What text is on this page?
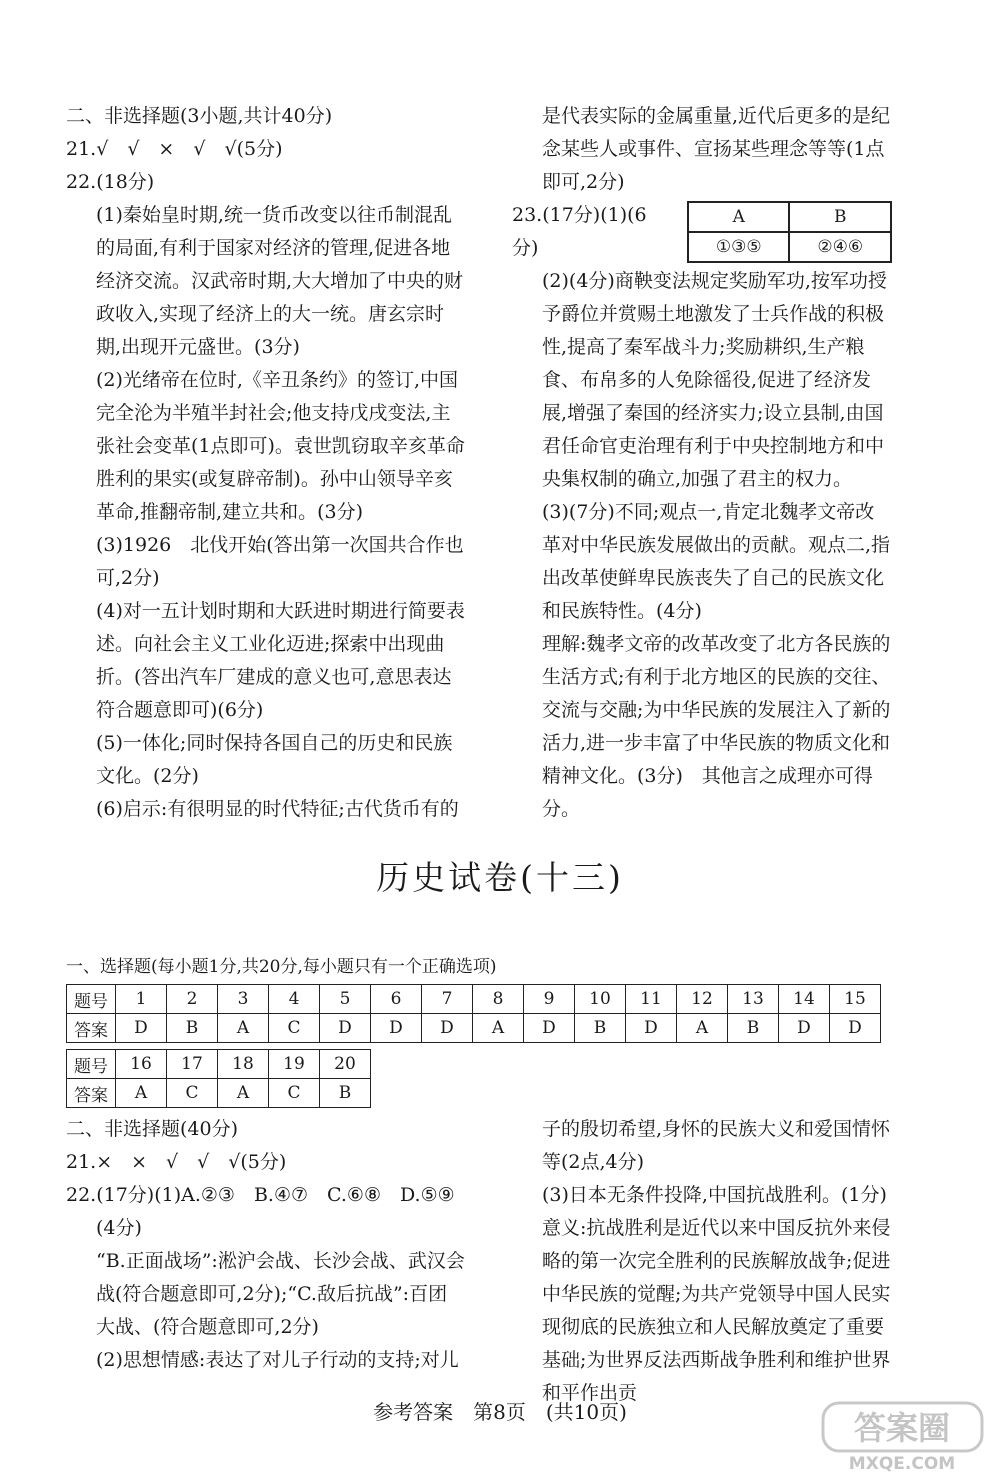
二、非选择题(3小题,共计40分)

21.√　√　×　√　√(5分)

22.(18分)

(1)秦始皇时期,统一货币改变以往币制混乱的局面,有利于国家对经济的管理,促进各地经济交流。汉武帝时期,大大增加了中央的财政收入,实现了经济上的大一统。唐玄宗时期,出现开元盛世。(3分)

(2)光绪帝在位时,《辛丑条约》的签订,中国完全沦为半殖半封社会;他支持戊戌变法,主张社会变革(1点即可)。袁世凯窃取辛亥革命胜利的果实(或复辟帝制)。孙中山领导辛亥革命,推翻帝制,建立共和。(3分)

(3)1926　北伐开始(答出第一次国共合作也可,2分)

(4)对一五计划时期和大跃进时期进行简要表述。向社会主义工业化迈进;探索中出现曲折。(答出汽车厂建成的意义也可,意思表达符合题意即可)(6分)

(5)一体化;同时保持各国自己的历史和民族文化。(2分)

(6)启示:有很明显的时代特征;古代货币有的

是代表实际的金属重量,近代后更多的是纪念某些人或事件、宣扬某些理念等等(1点即可,2分)

23.(17分)(1)(6分)
A	B
①③⑤	②④⑥

(2)(4分)商鞅变法规定奖励军功,按军功授予爵位并赏赐土地激发了士兵作战的积极性,提高了秦军战斗力;奖励耕织,生产粮食、布帛多的人免除徭役,促进了经济发展,增强了秦国的经济实力;设立县制,由国君任命官吏治理有利于中央控制地方和中央集权制的确立,加强了君主的权力。

(3)(7分)不同;观点一,肯定北魏孝文帝改革对中华民族发展做出的贡献。观点二,指出改革使鲜卑民族丧失了自己的民族文化和民族特性。(4分)

理解:魏孝文帝的改革改变了北方各民族的生活方式;有利于北方地区的民族的交往、交流与交融;为中华民族的发展注入了新的活力,进一步丰富了中华民族的物质文化和精神文化。(3分)　其他言之成理亦可得分。

历史试卷(十三)

一、选择题(每小题1分,共20分,每小题只有一个正确选项)

题号	1	2	3	4	5	6	7	8	9	10	11	12	13	14	15
答案	D	B	A	C	D	D	D	A	D	B	D	A	B	D	D
题号	16	17	18	19	20
答案	A	C	A	C	B

二、非选择题(40分)

21.×　×　√　√　√(5分)

22.(17分)(1)A.②③　B.④⑦　C.⑥⑧　D.⑤⑨

(4分)

“B.正面战场”:淞沪会战、长沙会战、武汉会战(符合题意即可,2分);“C.敌后抗战”:百团大战、(符合题意即可,2分)

(2)思想情感:表达了对儿子行动的支持;对儿

子的殷切希望,身怀的民族大义和爱国情怀等(2点,4分)

(3)日本无条件投降,中国抗战胜利。(1分)

意义:抗战胜利是近代以来中国反抗外来侵略的第一次完全胜利的民族解放战争;促进中华民族的觉醒;为共产党领导中国人民实现彻底的民族独立和人民解放奠定了重要基础;为世界反法西斯战争胜利和维护世界和平作出贡

参考答案　第8页　(共10页)	答案圈
MXQE.COM
